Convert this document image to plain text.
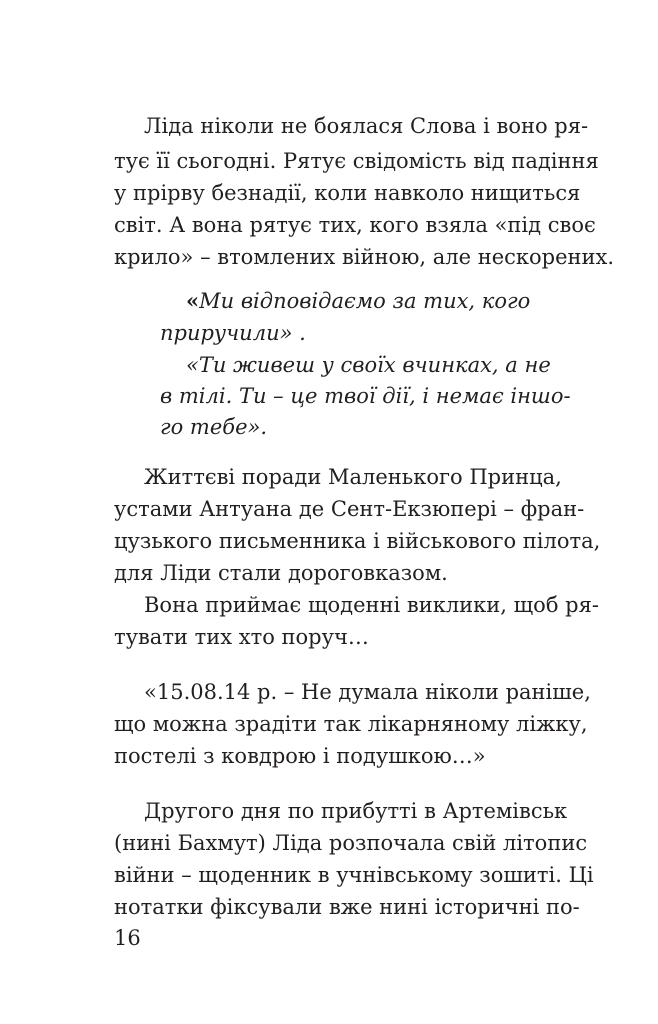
Ліда ніколи не боялася Слова і воно ря-
тує її сьогодні. Рятує свідомість від падіння
у прірву безнадії, коли навколо нищиться
світ. А вона рятує тих, кого взяла «під своє
крило» – втомлених війною, але нескорених.
«Ми відповідаємо за тих, кого
приручили» .
«Ти живеш у своїх вчинках, а не
в тілі. Ти – це твої дії, і немає іншо-
го тебе».
Життєві поради Маленького Принца,
устами Антуана де Сент-Екзюпері – фран-
цузького письменника і військового пілота,
для Ліди стали дороговказом.
Вона приймає щоденні виклики, щоб ря-
тувати тих хто поруч…
«15.08.14 р. – Не думала ніколи раніше,
що можна зрадіти так лікарняному ліжку,
постелі з ковдрою і подушкою…»
Другого дня по прибутті в Артемівськ
(нині Бахмут) Ліда розпочала свій літопис
війни – щоденник в учнівському зошиті. Ці
нотатки фіксували вже нині історичні по-
16
